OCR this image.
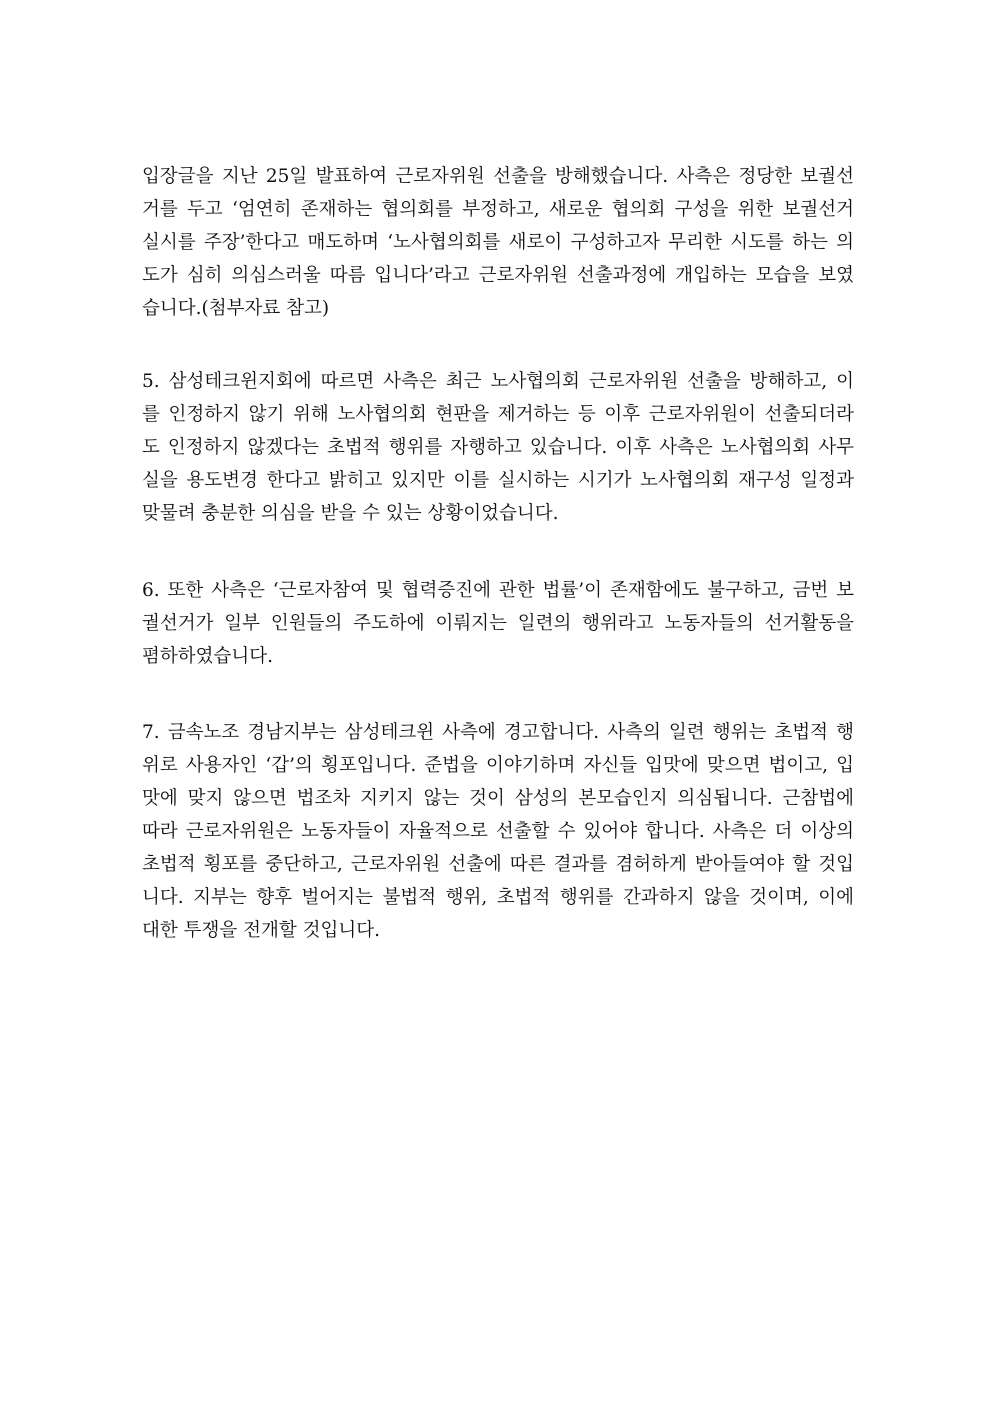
입장글을 지난 25일 발표하여 근로자위원 선출을 방해했습니다. 사측은 정당한 보궐선
거를 두고 ‘엄연히 존재하는 협의회를 부정하고, 새로운 협의회 구성을 위한 보궐선거
실시를 주장’한다고 매도하며 ‘노사협의회를 새로이 구성하고자 무리한 시도를 하는 의
도가 심히 의심스러울 따름 입니다’라고 근로자위원 선출과정에 개입하는 모습을 보였
습니다.(첨부자료 참고)
5. 삼성테크윈지회에 따르면 사측은 최근 노사협의회 근로자위원 선출을 방해하고, 이
를 인정하지 않기 위해 노사협의회 현판을 제거하는 등 이후 근로자위원이 선출되더라
도 인정하지 않겠다는 초법적 행위를 자행하고 있습니다. 이후 사측은 노사협의회 사무
실을 용도변경 한다고 밝히고 있지만 이를 실시하는 시기가 노사협의회 재구성 일정과
맞물려 충분한 의심을 받을 수 있는 상황이었습니다.
6. 또한 사측은 ‘근로자참여 및 협력증진에 관한 법률’이 존재함에도 불구하고, 금번 보
궐선거가 일부 인원들의 주도하에 이뤄지는 일련의 행위라고 노동자들의 선거활동을
폄하하였습니다.
7. 금속노조 경남지부는 삼성테크윈 사측에 경고합니다. 사측의 일련 행위는 초법적 행
위로 사용자인 ‘갑’의 횡포입니다. 준법을 이야기하며 자신들 입맛에 맞으면 법이고, 입
맛에 맞지 않으면 법조차 지키지 않는 것이 삼성의 본모습인지 의심됩니다. 근참법에
따라 근로자위원은 노동자들이 자율적으로 선출할 수 있어야 합니다. 사측은 더 이상의
초법적 횡포를 중단하고, 근로자위원 선출에 따른 결과를 겸허하게 받아들여야 할 것입
니다. 지부는 향후 벌어지는 불법적 행위, 초법적 행위를 간과하지 않을 것이며, 이에
대한 투쟁을 전개할 것입니다.
